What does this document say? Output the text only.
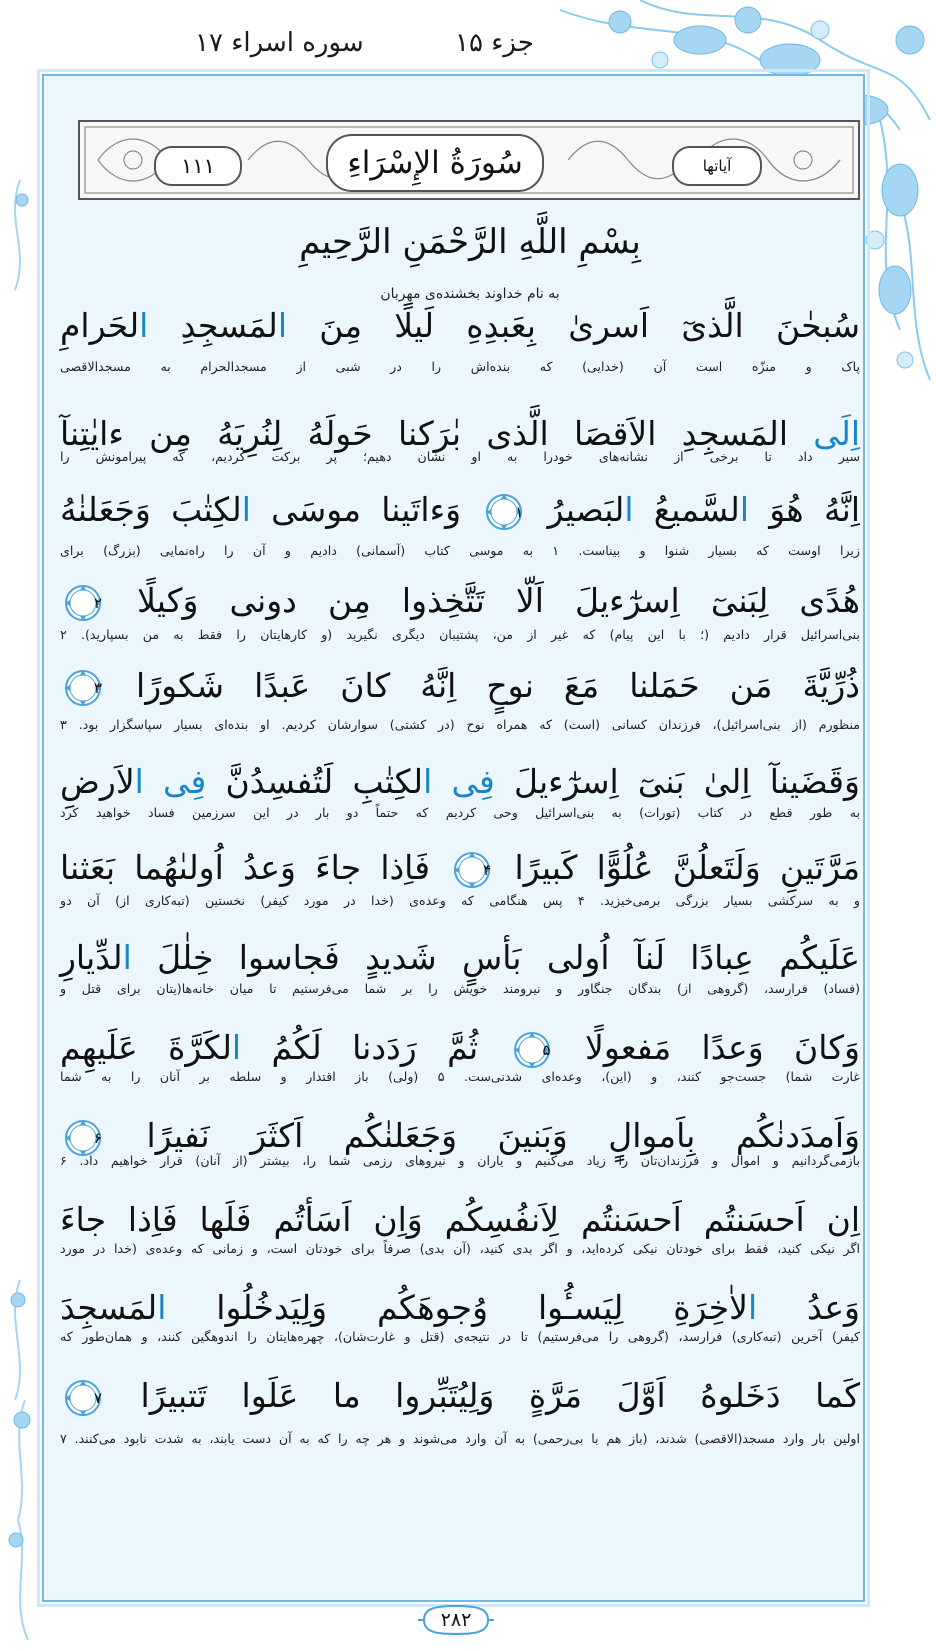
جزء ۱۵
سوره اسراء ۱۷
۱۱۱	سُورَةُ الإِسْرَاءِ	آیاتها
بِسْمِ اللَّهِ الرَّحْمَنِ الرَّحِيمِ
به نام خداوند بخشنده‌ی مهربان
سُبحٰنَ الَّذىٓ اَسرىٰ بِعَبدِهِ لَيلًا مِنَ المَسجِدِ الحَرامِ
پاک و منزّه است آن (خدایی) که بنده‌اش را در شبی از مسجدالحرام به مسجدالاقصی
اِلَى المَسجِدِ الاَقصَا الَّذى بٰرَكنا حَولَهُ لِنُرِيَهُ مِن ءايٰتِنآ
سیر داد تا برخی از نشانه‌های خودرا به او نشان دهیم؛ پر برکت کردیم، که پیرامونش را
اِنَّهُ هُوَ السَّميعُ البَصيرُ
۱
وَءاتَينا موسَى الكِتٰبَ وَجَعَلنٰهُ
زیرا اوست که بسیار شنوا و بیناست. ۱ به موسی کتاب (آسمانی) دادیم و آن را راه‌نمایی (بزرگ) برای
هُدًى لِبَنىٓ اِسرٰٓءيلَ اَلّا تَتَّخِذوا مِن دونى وَكيلًا
۲
بنی‌اسرائیل قرار دادیم (؛ با این پیام) که غیر از من، پشتیبان دیگری نگیرید (و کارهایتان را فقط به من بسپارید). ۲
ذُرِّيَّةَ مَن حَمَلنا مَعَ نوحٍ اِنَّهُ كانَ عَبدًا شَكورًا
۳
منظورم (از بنی‌اسرائیل)، فرزندان کسانی (است) که همراه نوح (در کشتی) سوارشان کردیم. او بنده‌ای بسیار سپاسگزار بود. ۳
وَقَضَينآ اِلىٰ بَنىٓ اِسرٰٓءيلَ فِى الكِتٰبِ لَتُفسِدُنَّ فِى الاَرضِ
به طور قطع در کتاب (تورات) به بنی‌اسرائیل وحی کردیم که حتماً دو بار در این سرزمین فساد خواهید کرد
مَرَّتَينِ وَلَتَعلُنَّ عُلُوًّا كَبيرًا
۴
فَاِذا جاءَ وَعدُ اُولىٰهُما بَعَثنا
و به سرکشی بسیار بزرگی برمی‌خیزید. ۴ پس هنگامی که وعده‌ی (خدا در مورد کیفر) نخستین (تبه‌کاری از) آن دو
عَلَيكُم عِبادًا لَنآ اُولى بَأسٍ شَديدٍ فَجاسوا خِلٰلَ الدِّيارِ
(فساد) فرارسد، (گروهی از) بندگان جنگاور و نیرومند خویش را بر شما می‌فرستیم تا میان خانه‌ها(یتان برای قتل و
وَكانَ وَعدًا مَفعولًا
۵
ثُمَّ رَدَدنا لَكُمُ الكَرَّةَ عَلَيهِم
غارت شما) جست‌جو کنند، و (این)، وعده‌ای شدنی‌ست. ۵ (ولی) باز اقتدار و سلطه بر آنان را به شما
وَاَمدَدنٰكُم بِاَموالٍ وَبَنينَ وَجَعَلنٰكُم اَكثَرَ نَفيرًا
۶
بازمی‌گردانیم و اموال و فرزندان‌تان را زیاد می‌کنیم و یاران و نیروهای رزمی شما را، بیشتر (از آنان) قرار خواهیم داد. ۶
اِن اَحسَنتُم اَحسَنتُم لِاَنفُسِكُم وَاِن اَسَأتُم فَلَها فَاِذا جاءَ
اگر نیکی کنید، فقط برای خودتان نیکی کرده‌اید، و اگر بدی کنید، (آن بدی) صرفاً برای خودتان است، و زمانی که وعده‌ی (خدا در مورد
وَعدُ الاٰخِرَةِ لِيَسـُٔوا وُجوهَكُم وَلِيَدخُلُوا المَسجِدَ
کیفر) آخرین (تبه‌کاری) فرارسد، (گروهی را می‌فرستیم) تا در نتیجه‌ی (قتل و غارت‌شان)، چهره‌هایتان را اندوهگین کنند، و همان‌طور که
كَما دَخَلوهُ اَوَّلَ مَرَّةٍ وَلِيُتَبِّروا ما عَلَوا تَتبيرًا
۷
اولین بار وارد مسجد(الاقصی) شدند، (باز هم با بی‌رحمی) به آن وارد می‌شوند و هر چه را که به آن دست یابند، به شدت نابود می‌کنند. ۷
۲۸۲
